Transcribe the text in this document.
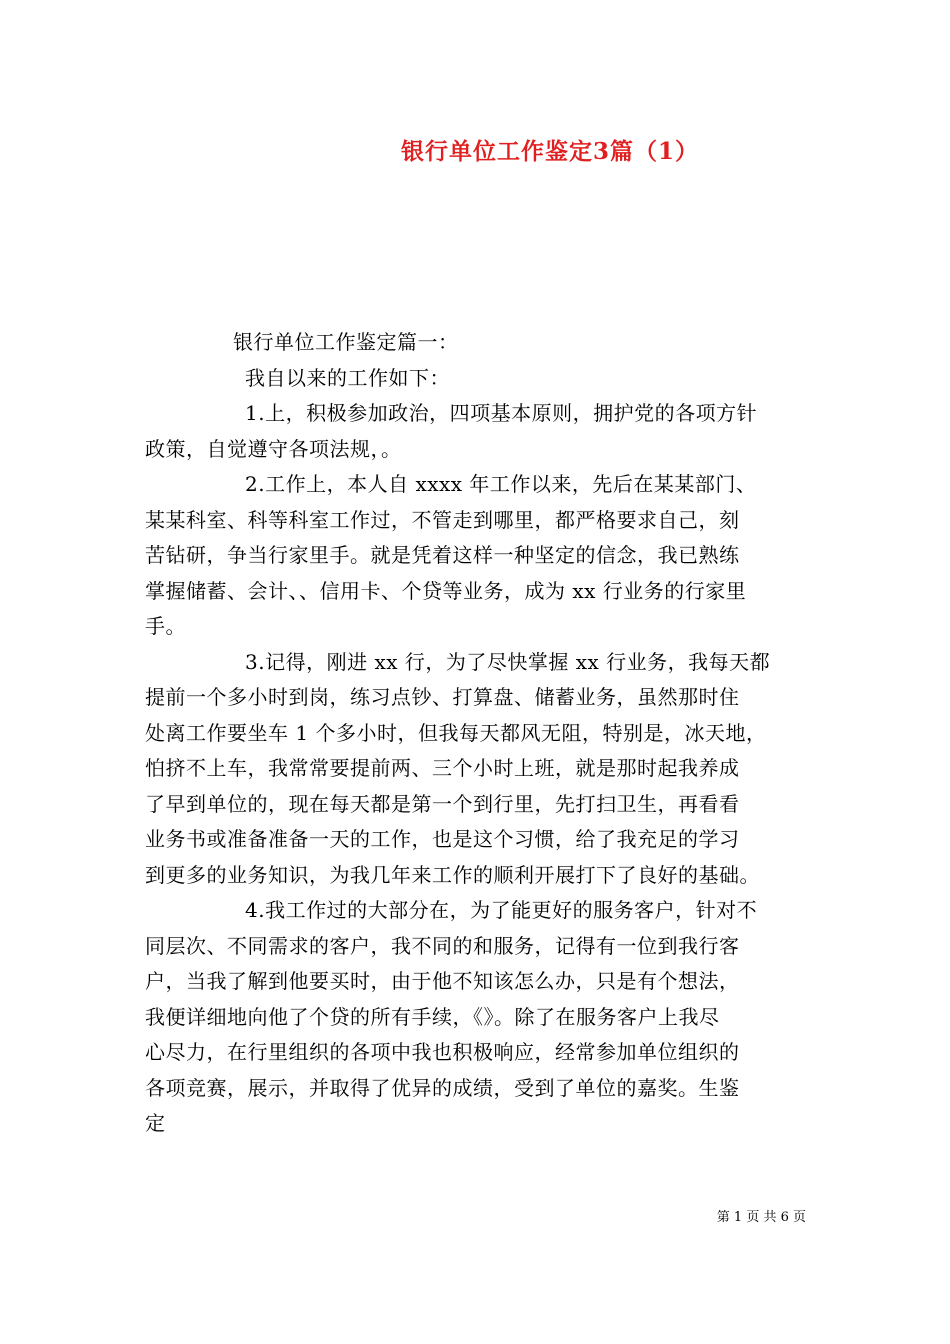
银行单位工作鉴定3篇（1）

银行单位工作鉴定篇一：

我自以来的工作如下：

1.上，积极参加政治，四项基本原则，拥护党的各项方针
政策，自觉遵守各项法规，。

2.工作上，本人自 xxxx 年工作以来，先后在某某部门、
某某科室、科等科室工作过，不管走到哪里，都严格要求自己，刻
苦钻研，争当行家里手。就是凭着这样一种坚定的信念，我已熟练
掌握储蓄、会计、、信用卡、个贷等业务，成为 xx 行业务的行家里
手。

3.记得，刚进 xx 行，为了尽快掌握 xx 行业务，我每天都
提前一个多小时到岗，练习点钞、打算盘、储蓄业务，虽然那时住
处离工作要坐车 1 个多小时，但我每天都风无阻，特别是，冰天地，
怕挤不上车，我常常要提前两、三个小时上班，就是那时起我养成
了早到单位的，现在每天都是第一个到行里，先打扫卫生，再看看
业务书或准备准备一天的工作，也是这个习惯，给了我充足的学习
到更多的业务知识，为我几年来工作的顺利开展打下了良好的基础。

4.我工作过的大部分在，为了能更好的服务客户，针对不
同层次、不同需求的客户，我不同的和服务，记得有一位到我行客
户，当我了解到他要买时，由于他不知该怎么办，只是有个想法，
我便详细地向他了个贷的所有手续，《》。除了在服务客户上我尽
心尽力，在行里组织的各项中我也积极响应，经常参加单位组织的
各项竞赛，展示，并取得了优异的成绩，受到了单位的嘉奖。生鉴
定

第 1 页 共 6 页
